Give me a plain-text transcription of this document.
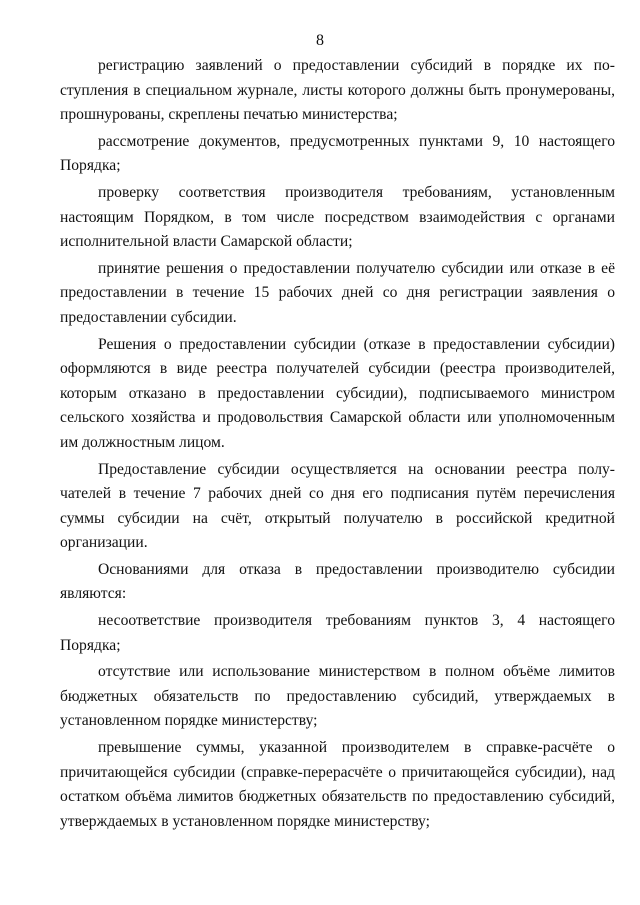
8

регистрацию заявлений о предоставлении субсидий в порядке их поступления в специальном журнале, листы которого должны быть пронумерованы, прошнурованы, скреплены печатью министерства;

рассмотрение документов, предусмотренных пунктами 9, 10 настоящего Порядка;

проверку соответствия производителя требованиям, установленным настоящим Порядком, в том числе посредством взаимодействия с органами исполнительной власти Самарской области;

принятие решения о предоставлении получателю субсидии или отказе в её предоставлении в течение 15 рабочих дней со дня регистрации заявления о предоставлении субсидии.

Решения о предоставлении субсидии (отказе в предоставлении субсидии) оформляются в виде реестра получателей субсидии (реестра производителей, которым отказано в предоставлении субсидии), подписываемого министром сельского хозяйства и продовольствия Самарской области или уполномоченным им должностным лицом.

Предоставление субсидии осуществляется на основании реестра получателей в течение 7 рабочих дней со дня его подписания путём перечисления суммы субсидии на счёт, открытый получателю в российской кредитной организации.

Основаниями для отказа в предоставлении производителю субсидии являются:

несоответствие производителя требованиям пунктов 3, 4 настоящего Порядка;

отсутствие или использование министерством в полном объёме лимитов бюджетных обязательств по предоставлению субсидий, утверждаемых в установленном порядке министерству;

превышение суммы, указанной производителем в справке-расчёте о причитающейся субсидии (справке-перерасчёте о причитающейся субсидии), над остатком объёма лимитов бюджетных обязательств по предоставлению субсидий, утверждаемых в установленном порядке министерству;
